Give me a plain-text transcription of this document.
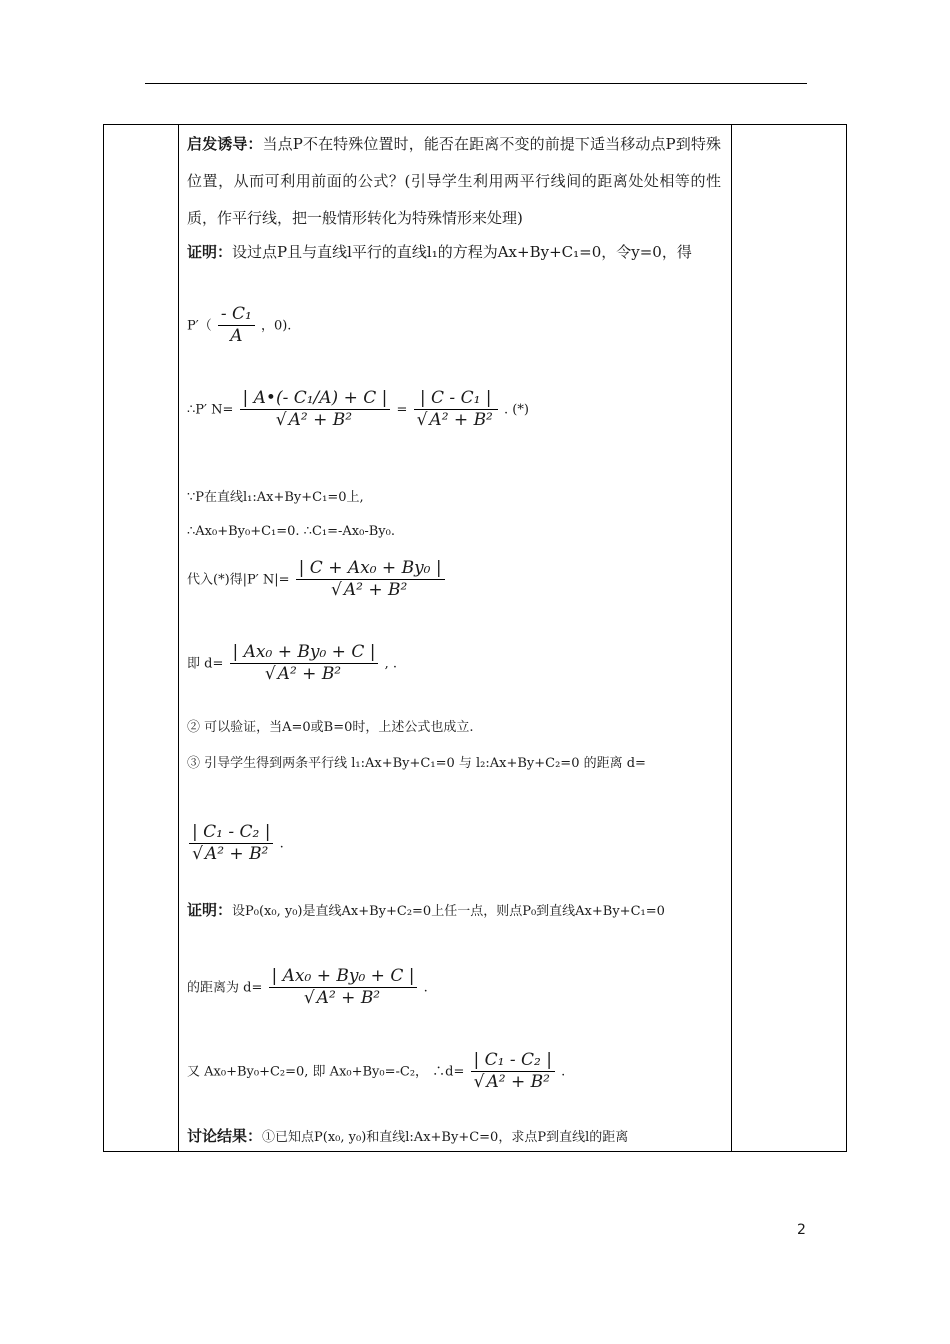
启发诱导：当点P不在特殊位置时，能否在距离不变的前提下适当移动点P到特殊位置，从而可利用前面的公式？(引导学生利用两平行线间的距离处处相等的性质，作平行线，把一般情形转化为特殊情形来处理)
证明：设过点P且与直线l平行的直线l₁的方程为Ax+By+C₁=0，令y=0，得
$P'( \frac{\text{- C₁}}{A}$ ，0).
∴P′ $N= \frac{\text{| A•(- C₁/A) + C |}}{\text{√ A² + B²}} = \frac{\text{| C - C₁ |}}{\text{√ A² + B²}}$ . (*)
∵P在直线l₁:Ax+By+C₁=0上,
∴Ax₀+By₀+C₁=0. ∴C₁=-Ax₀-By₀.
代入(*)得|P′ $N|= \frac{\text{| C + Ax₀ + By₀ |}}{\text{√ A² + B²}}$
即 $d= \frac{\text{| Ax₀ + By₀ + C |}}{\text{√ A² + B²}}$ , .
② 可以验证，当A=0或B=0时，上述公式也成立.
③ 引导学生得到两条平行线 l₁:Ax+By+C₁=0 与 l₂:Ax+By+C₂=0 的距离 d=
$\frac{\text{| C₁ - C₂ |}}{\text{√ A² + B²}}$ .
证明：设P₀(x₀, y₀)是直线Ax+By+C₂=0上任一点，则点P₀到直线Ax+By+C₁=0
的距离为 $d= \frac{\text{| Ax₀ + By₀ + C |}}{\text{√ A² + B²}}$ .
又 Ax₀+By₀+C₂=0, 即 Ax₀+By₀=-C₂， ∴d= $\frac{\text{| C₁ - C₂ |}}{\text{√ A² + B²}}$ .
讨论结果：①已知点P(x₀, y₀)和直线l:Ax+By+C=0，求点P到直线l的距离
2
